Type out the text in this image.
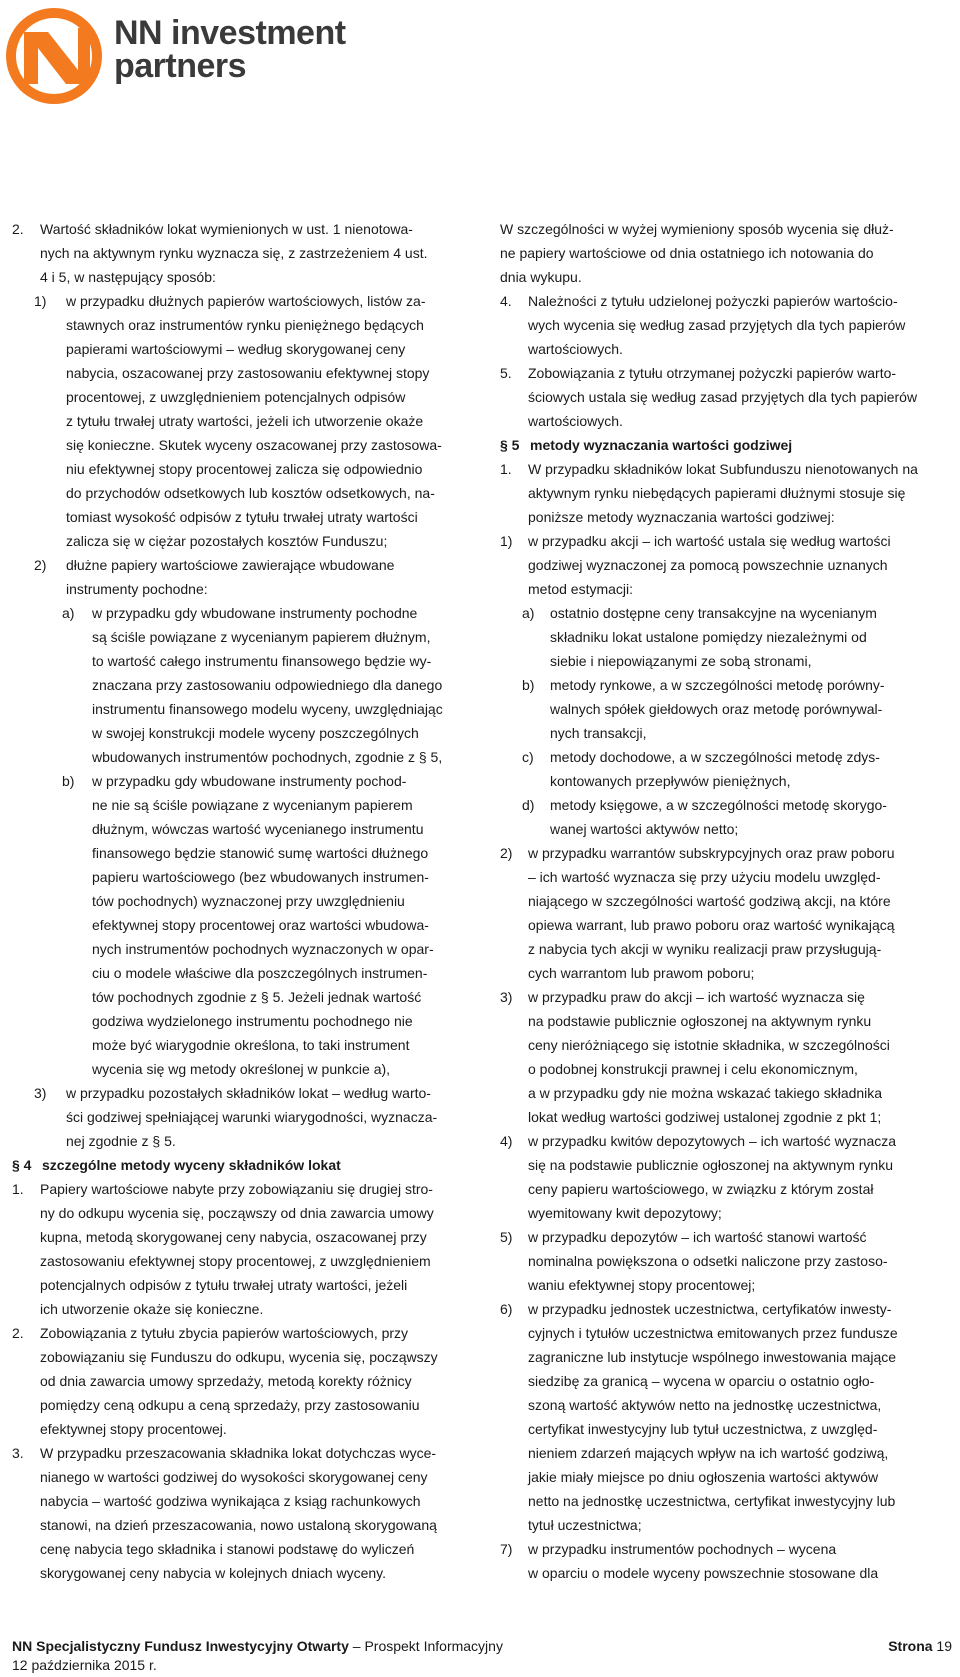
NN investment
partners
2.	Wartość składników lokat wymienionych w ust. 1 nienotowa-
nych na aktywnym rynku wyznacza się, z zastrzeżeniem 4 ust.
4 i 5, w następujący sposób:
1)	w przypadku dłużnych papierów wartościowych, listów za-
stawnych oraz instrumentów rynku pieniężnego będących
papierami wartościowymi – według skorygowanej ceny
nabycia, oszacowanej przy zastosowaniu efektywnej stopy
procentowej, z uwzględnieniem potencjalnych odpisów
z tytułu trwałej utraty wartości, jeżeli ich utworzenie okaże
się konieczne. Skutek wyceny oszacowanej przy zastosowa-
niu efektywnej stopy procentowej zalicza się odpowiednio
do przychodów odsetkowych lub kosztów odsetkowych, na-
tomiast wysokość odpisów z tytułu trwałej utraty wartości
zalicza się w ciężar pozostałych kosztów Funduszu;
2)	dłużne papiery wartościowe zawierające wbudowane
instrumenty pochodne:
a)	w przypadku gdy wbudowane instrumenty pochodne
są ściśle powiązane z wycenianym papierem dłużnym,
to wartość całego instrumentu finansowego będzie wy-
znaczana przy zastosowaniu odpowiedniego dla danego
instrumentu finansowego modelu wyceny, uwzględniając
w swojej konstrukcji modele wyceny poszczególnych
wbudowanych instrumentów pochodnych, zgodnie z § 5,
b)	w przypadku gdy wbudowane instrumenty pochod-
ne nie są ściśle powiązane z wycenianym papierem
dłużnym, wówczas wartość wycenianego instrumentu
finansowego będzie stanowić sumę wartości dłużnego
papieru wartościowego (bez wbudowanych instrumen-
tów pochodnych) wyznaczonej przy uwzględnieniu
efektywnej stopy procentowej oraz wartości wbudowa-
nych instrumentów pochodnych wyznaczonych w opar-
ciu o modele właściwe dla poszczególnych instrumen-
tów pochodnych zgodnie z § 5. Jeżeli jednak wartość
godziwa wydzielonego instrumentu pochodnego nie
może być wiarygodnie określona, to taki instrument
wycenia się wg metody określonej w punkcie a),
3)	w przypadku pozostałych składników lokat – według warto-
ści godziwej spełniającej warunki wiarygodności, wyznacza-
nej zgodnie z § 5.
§ 4 szczególne metody wyceny składników lokat
1.	Papiery wartościowe nabyte przy zobowiązaniu się drugiej stro-
ny do odkupu wycenia się, począwszy od dnia zawarcia umowy
kupna, metodą skorygowanej ceny nabycia, oszacowanej przy
zastosowaniu efektywnej stopy procentowej, z uwzględnieniem
potencjalnych odpisów z tytułu trwałej utraty wartości, jeżeli
ich utworzenie okaże się konieczne.
2.	Zobowiązania z tytułu zbycia papierów wartościowych, przy
zobowiązaniu się Funduszu do odkupu, wycenia się, począwszy
od dnia zawarcia umowy sprzedaży, metodą korekty różnicy
pomiędzy ceną odkupu a ceną sprzedaży, przy zastosowaniu
efektywnej stopy procentowej.
3.	W przypadku przeszacowania składnika lokat dotychczas wyce-
nianego w wartości godziwej do wysokości skorygowanej ceny
nabycia – wartość godziwa wynikająca z ksiąg rachunkowych
stanowi, na dzień przeszacowania, nowo ustaloną skorygowaną
cenę nabycia tego składnika i stanowi podstawę do wyliczeń
skorygowanej ceny nabycia w kolejnych dniach wyceny.
W szczególności w wyżej wymieniony sposób wycenia się dłuż-
ne papiery wartościowe od dnia ostatniego ich notowania do
dnia wykupu.
4.	Należności z tytułu udzielonej pożyczki papierów wartościo-
wych wycenia się według zasad przyjętych dla tych papierów
wartościowych.
5.	Zobowiązania z tytułu otrzymanej pożyczki papierów warto-
ściowych ustala się według zasad przyjętych dla tych papierów
wartościowych.
§ 5 metody wyznaczania wartości godziwej
1.	W przypadku składników lokat Subfunduszu nienotowanych na
aktywnym rynku niebędących papierami dłużnymi stosuje się
poniższe metody wyznaczania wartości godziwej:
1)	w przypadku akcji – ich wartość ustala się według wartości
godziwej wyznaczonej za pomocą powszechnie uznanych
metod estymacji:
a)	ostatnio dostępne ceny transakcyjne na wycenianym
składniku lokat ustalone pomiędzy niezależnymi od
siebie i niepowiązanymi ze sobą stronami,
b)	metody rynkowe, a w szczególności metodę porówny-
walnych spółek giełdowych oraz metodę porównywal-
nych transakcji,
c)	metody dochodowe, a w szczególności metodę zdys-
kontowanych przepływów pieniężnych,
d)	metody księgowe, a w szczególności metodę skorygo-
wanej wartości aktywów netto;
2)	w przypadku warrantów subskrypcyjnych oraz praw poboru
– ich wartość wyznacza się przy użyciu modelu uwzględ-
niającego w szczególności wartość godziwą akcji, na które
opiewa warrant, lub prawo poboru oraz wartość wynikającą
z nabycia tych akcji w wyniku realizacji praw przysługują-
cych warrantom lub prawom poboru;
3)	w przypadku praw do akcji – ich wartość wyznacza się
na podstawie publicznie ogłoszonej na aktywnym rynku
ceny nieróżniącego się istotnie składnika, w szczególności
o podobnej konstrukcji prawnej i celu ekonomicznym,
a w przypadku gdy nie można wskazać takiego składnika
lokat według wartości godziwej ustalonej zgodnie z pkt 1;
4)	w przypadku kwitów depozytowych – ich wartość wyznacza
się na podstawie publicznie ogłoszonej na aktywnym rynku
ceny papieru wartościowego, w związku z którym został
wyemitowany kwit depozytowy;
5)	w przypadku depozytów – ich wartość stanowi wartość
nominalna powiększona o odsetki naliczone przy zastoso-
waniu efektywnej stopy procentowej;
6)	w przypadku jednostek uczestnictwa, certyfikatów inwesty-
cyjnych i tytułów uczestnictwa emitowanych przez fundusze
zagraniczne lub instytucje wspólnego inwestowania mające
siedzibę za granicą – wycena w oparciu o ostatnio ogło-
szoną wartość aktywów netto na jednostkę uczestnictwa,
certyfikat inwestycyjny lub tytuł uczestnictwa, z uwzględ-
nieniem zdarzeń mających wpływ na ich wartość godziwą,
jakie miały miejsce po dniu ogłoszenia wartości aktywów
netto na jednostkę uczestnictwa, certyfikat inwestycyjny lub
tytuł uczestnictwa;
7)	w przypadku instrumentów pochodnych – wycena
w oparciu o modele wyceny powszechnie stosowane dla
NN Specjalistyczny Fundusz Inwestycyjny Otwarty – Prospekt Informacyjny
12 października 2015 r.
Strona 19
